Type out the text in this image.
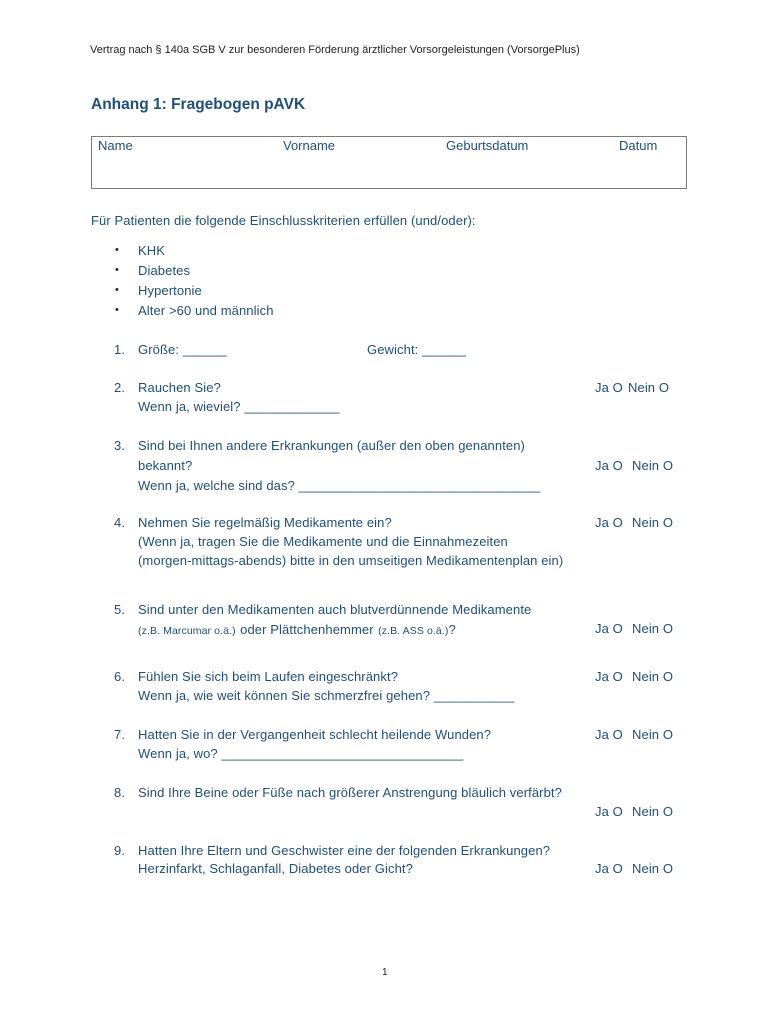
Vertrag nach § 140a SGB V zur besonderen Förderung ärztlicher Vorsorgeleistungen (VorsorgePlus)
Anhang 1: Fragebogen pAVK
Name	Vorname	Geburtsdatum	Datum
Für Patienten die folgende Einschlusskriterien erfüllen (und/oder):
• KHK
• Diabetes
• Hypertonie
• Alter >60 und männlich
1. Größe: ______	Gewicht: ______
2. Rauchen Sie?	Ja O Nein O
Wenn ja, wieviel? _____________
3. Sind bei Ihnen andere Erkrankungen (außer den oben genannten)
bekannt?	Ja O Nein O
Wenn ja, welche sind das? _________________________________
4. Nehmen Sie regelmäßig Medikamente ein?	Ja O Nein O
(Wenn ja, tragen Sie die Medikamente und die Einnahmezeiten
(morgen-mittags-abends) bitte in den umseitigen Medikamentenplan ein)
5. Sind unter den Medikamenten auch blutverdünnende Medikamente
(z.B. Marcumar o.ä.) oder Plättchenhemmer (z.B. ASS o.ä.)?	Ja O Nein O
6. Fühlen Sie sich beim Laufen eingeschränkt?	Ja O Nein O
Wenn ja, wie weit können Sie schmerzfrei gehen? ___________
7. Hatten Sie in der Vergangenheit schlecht heilende Wunden?	Ja O Nein O
Wenn ja, wo? _________________________________
8. Sind Ihre Beine oder Füße nach größerer Anstrengung bläulich verfärbt?
Ja O Nein O
9. Hatten Ihre Eltern und Geschwister eine der folgenden Erkrankungen?
Herzinfarkt, Schlaganfall, Diabetes oder Gicht?	Ja O Nein O
1
